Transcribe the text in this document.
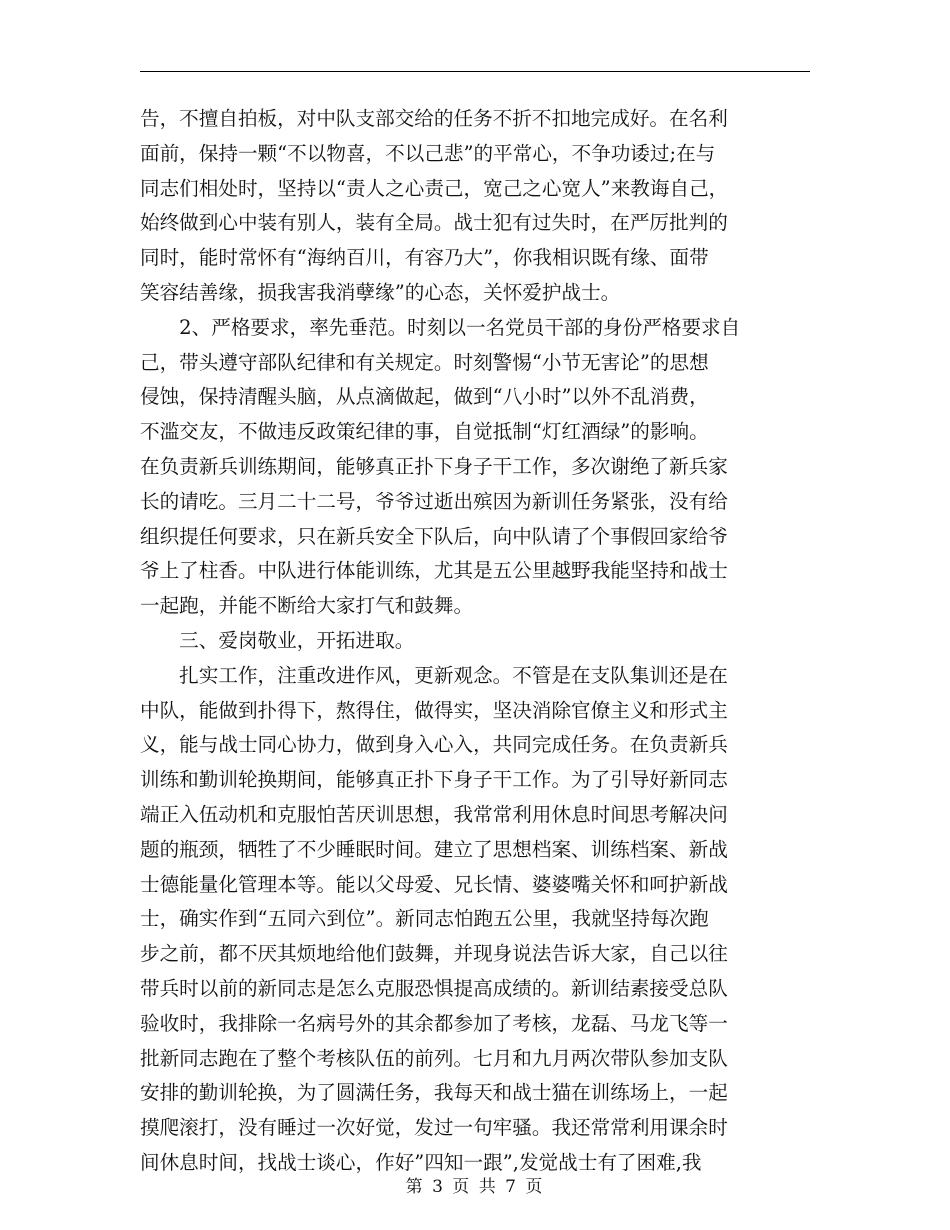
告，不擅自拍板，对中队支部交给的任务不折不扣地完成好。在名利
面前，保持一颗“不以物喜，不以己悲”的平常心，不争功诿过;在与
同志们相处时，坚持以“责人之心责己，宽己之心宽人”来教诲自己，
始终做到心中装有别人，装有全局。战士犯有过失时，在严厉批判的
同时，能时常怀有“海纳百川，有容乃大”，你我相识既有缘、面带
笑容结善缘，损我害我消孽缘”的心态，关怀爱护战士。
　　2、严格要求，率先垂范。时刻以一名党员干部的身份严格要求自
己，带头遵守部队纪律和有关规定。时刻警惕“小节无害论”的思想
侵蚀，保持清醒头脑，从点滴做起，做到“八小时”以外不乱消费，
不滥交友，不做违反政策纪律的事，自觉抵制“灯红酒绿”的影响。
在负责新兵训练期间，能够真正扑下身子干工作，多次谢绝了新兵家
长的请吃。三月二十二号，爷爷过逝出殡因为新训任务紧张，没有给
组织提任何要求，只在新兵安全下队后，向中队请了个事假回家给爷
爷上了柱香。中队进行体能训练，尤其是五公里越野我能坚持和战士
一起跑，并能不断给大家打气和鼓舞。
　　三、爱岗敬业，开拓进取。
　　扎实工作，注重改进作风，更新观念。不管是在支队集训还是在
中队，能做到扑得下，熬得住，做得实，坚决消除官僚主义和形式主
义，能与战士同心协力，做到身入心入，共同完成任务。在负责新兵
训练和勤训轮换期间，能够真正扑下身子干工作。为了引导好新同志
端正入伍动机和克服怕苦厌训思想，我常常利用休息时间思考解决问
题的瓶颈，牺牲了不少睡眠时间。建立了思想档案、训练档案、新战
士德能量化管理本等。能以父母爱、兄长情、婆婆嘴关怀和呵护新战
士，确实作到“五同六到位”。新同志怕跑五公里，我就坚持每次跑
步之前，都不厌其烦地给他们鼓舞，并现身说法告诉大家，自己以往
带兵时以前的新同志是怎么克服恐惧提高成绩的。新训结素接受总队
验收时，我排除一名病号外的其余都参加了考核，龙磊、马龙飞等一
批新同志跑在了整个考核队伍的前列。七月和九月两次带队参加支队
安排的勤训轮换，为了圆满任务，我每天和战士猫在训练场上，一起
摸爬滚打，没有睡过一次好觉，发过一句牢骚。我还常常利用课余时
间休息时间，找战士谈心，作好”四知一跟”,发觉战士有了困难,我
第 3 页 共 7 页
